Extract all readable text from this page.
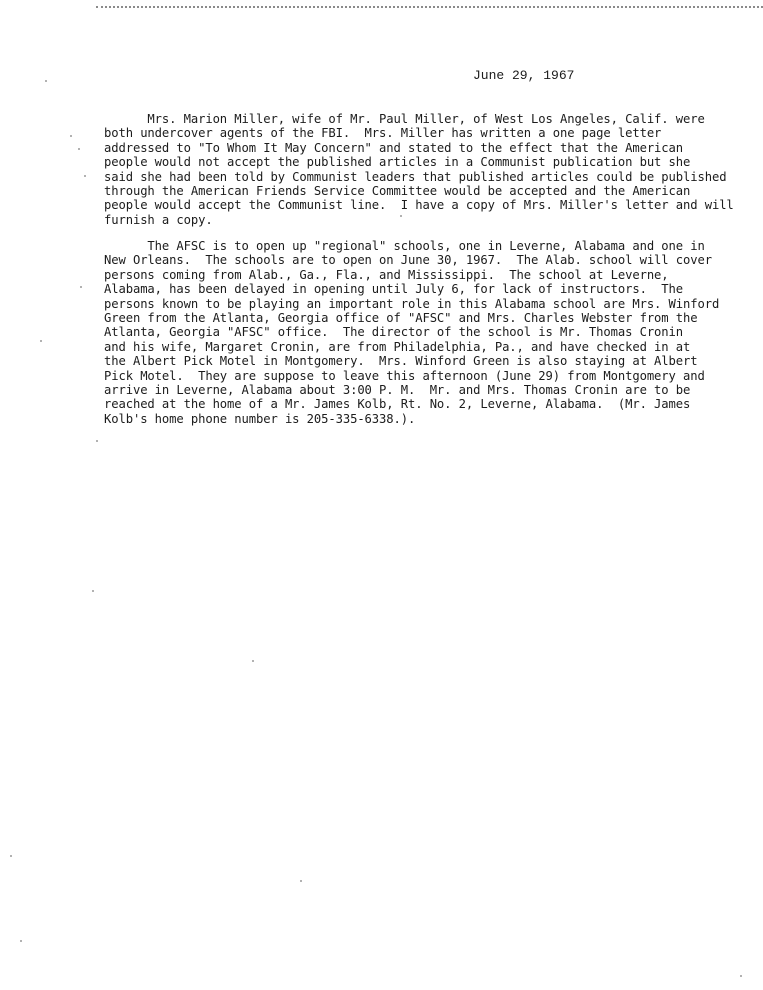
June 29, 1967
Mrs. Marion Miller, wife of Mr. Paul Miller, of West Los Angeles, Calif. were
both undercover agents of the FBI.  Mrs. Miller has written a one page letter
addressed to "To Whom It May Concern" and stated to the effect that the American
people would not accept the published articles in a Communist publication but she
said she had been told by Communist leaders that published articles could be published
through the American Friends Service Committee would be accepted and the American
people would accept the Communist line.  I have a copy of Mrs. Miller's letter and will
furnish a copy.
The AFSC is to open up "regional" schools, one in Leverne, Alabama and one in
New Orleans.  The schools are to open on June 30, 1967.  The Alab. school will cover
persons coming from Alab., Ga., Fla., and Mississippi.  The school at Leverne,
Alabama, has been delayed in opening until July 6, for lack of instructors.  The
persons known to be playing an important role in this Alabama school are Mrs. Winford
Green from the Atlanta, Georgia office of "AFSC" and Mrs. Charles Webster from the
Atlanta, Georgia "AFSC" office.  The director of the school is Mr. Thomas Cronin
and his wife, Margaret Cronin, are from Philadelphia, Pa., and have checked in at
the Albert Pick Motel in Montgomery.  Mrs. Winford Green is also staying at Albert
Pick Motel.  They are suppose to leave this afternoon (June 29) from Montgomery and
arrive in Leverne, Alabama about 3:00 P. M.  Mr. and Mrs. Thomas Cronin are to be
reached at the home of a Mr. James Kolb, Rt. No. 2, Leverne, Alabama.  (Mr. James
Kolb's home phone number is 205-335-6338.).
